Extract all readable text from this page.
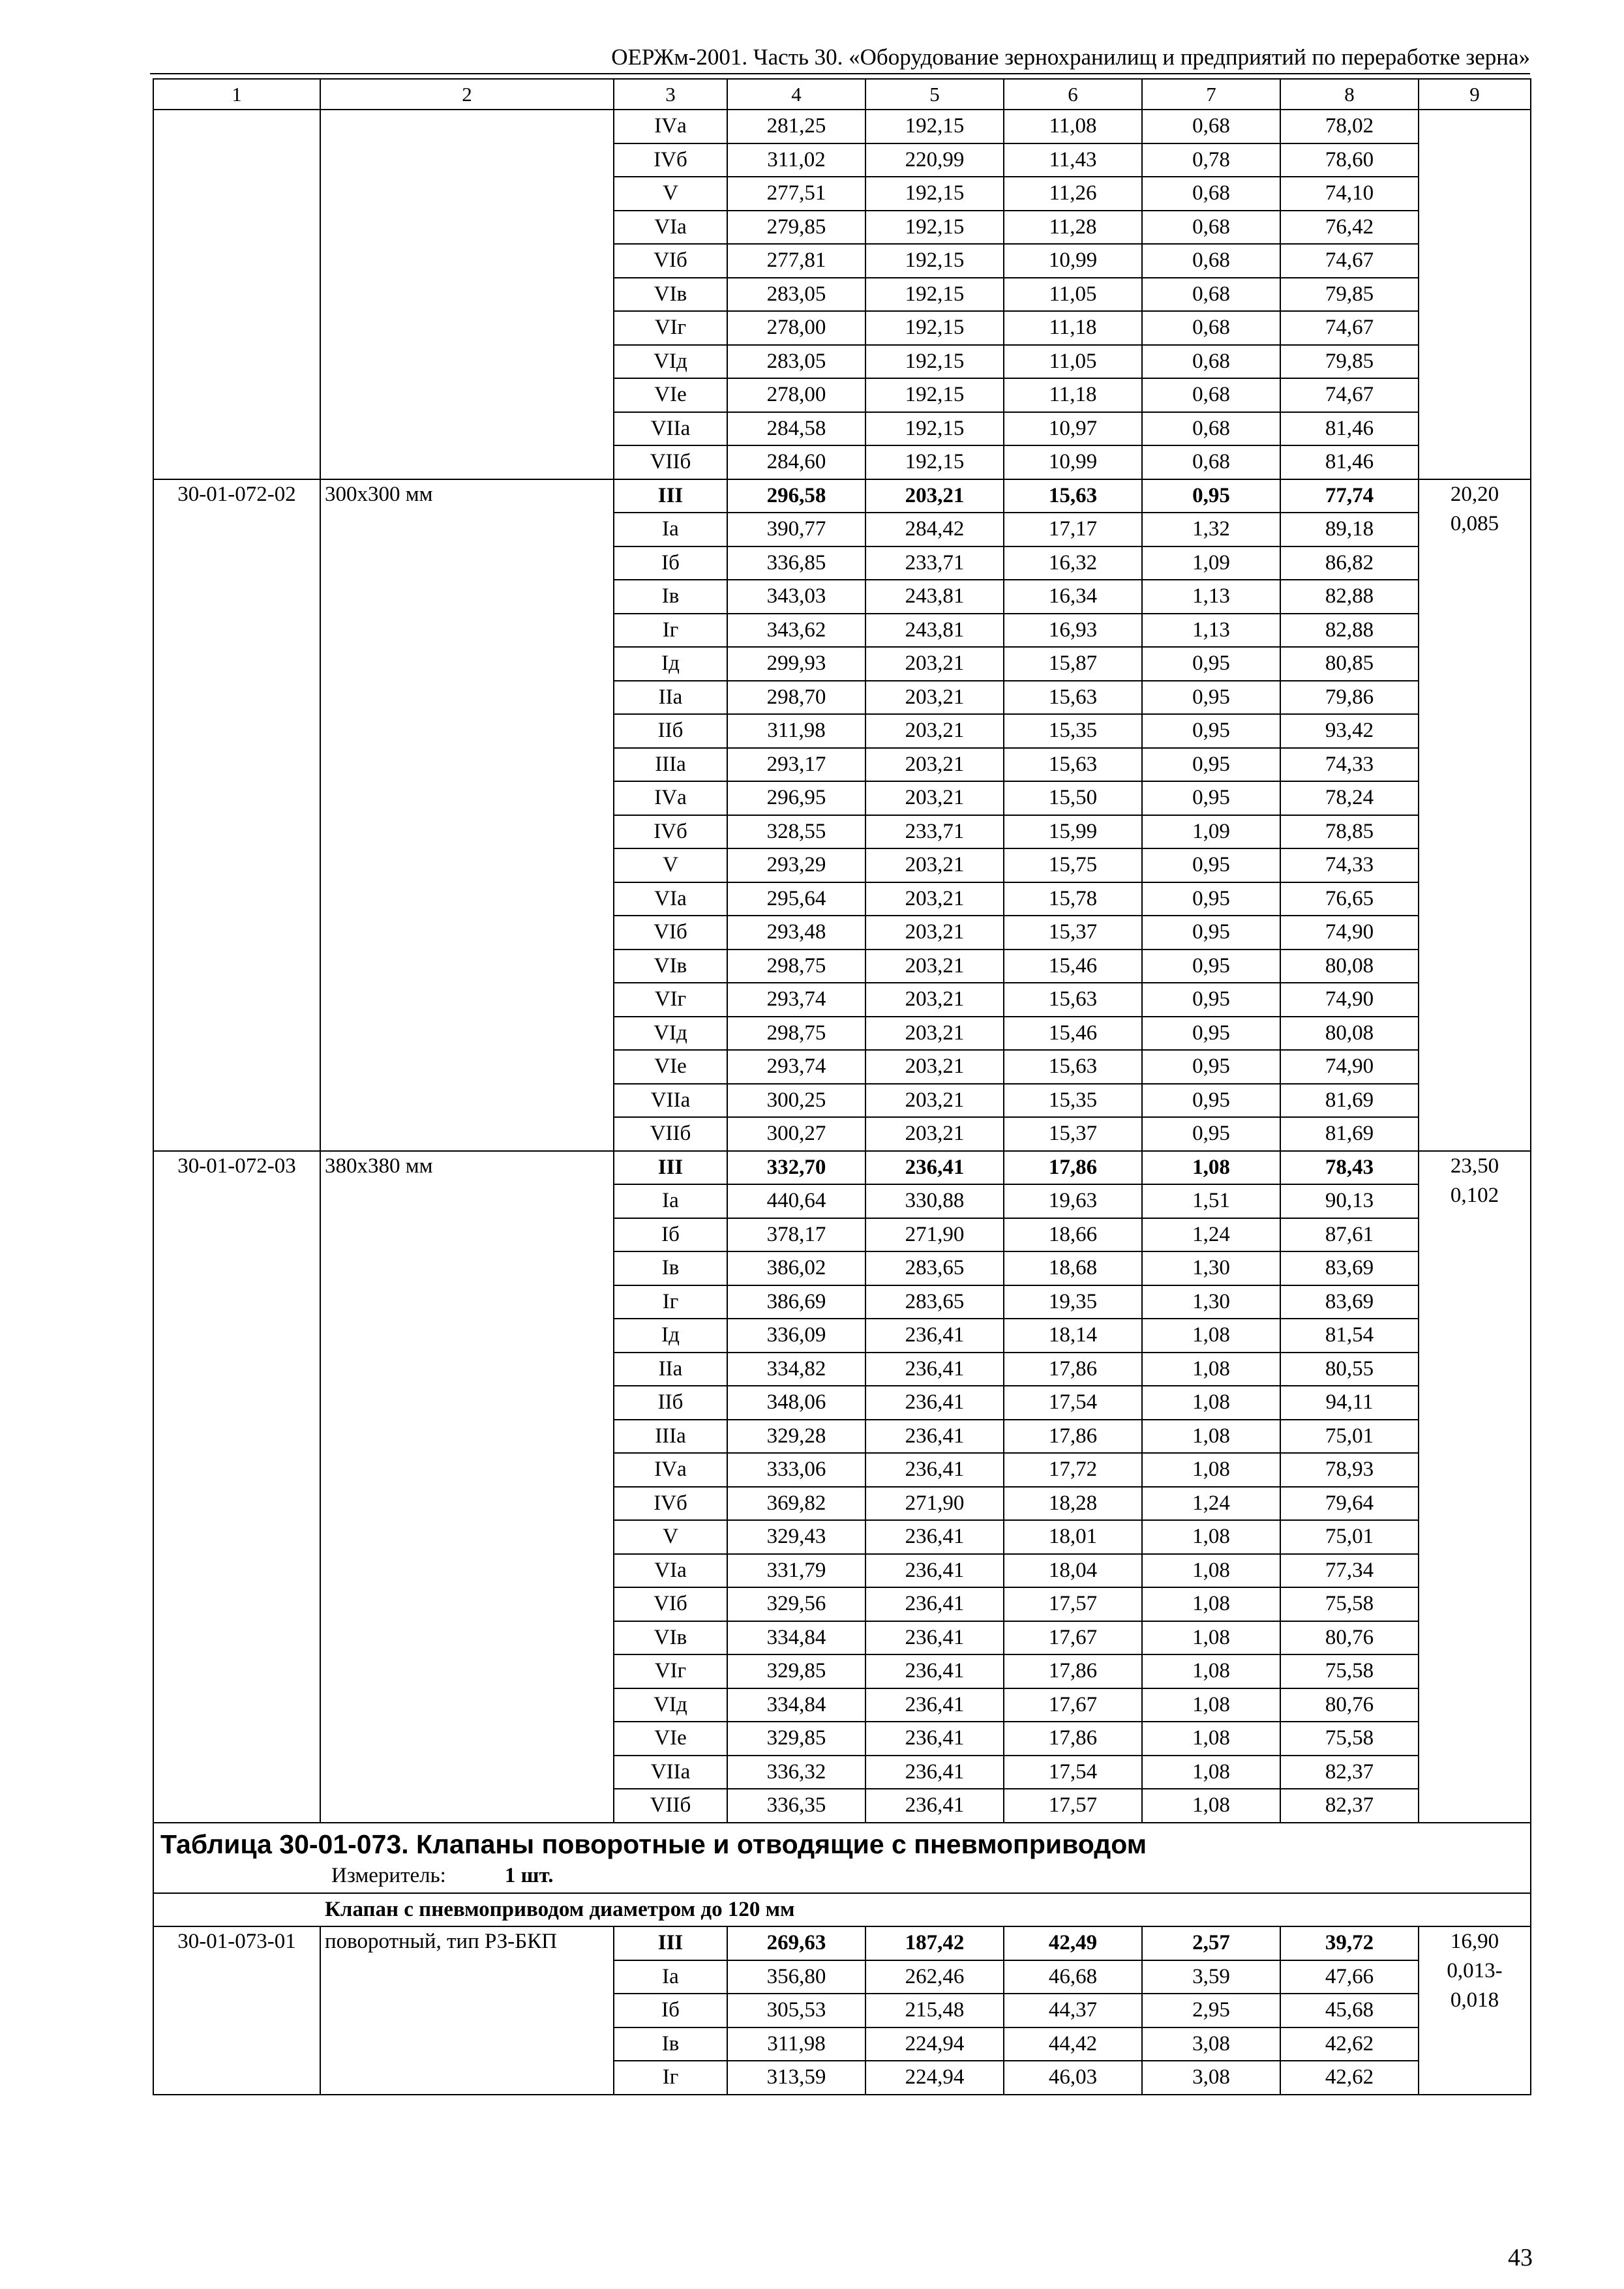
ОЕРЖм-2001. Часть 30. «Оборудование зернохранилищ и предприятий по переработке зерна»
1	2	3	4	5	6	7	8	9
		IVа	281,25	192,15	11,08	0,68	78,02	
		IVб	311,02	220,99	11,43	0,78	78,60	
		V	277,51	192,15	11,26	0,68	74,10	
		VIа	279,85	192,15	11,28	0,68	76,42	
		VIб	277,81	192,15	10,99	0,68	74,67	
		VIв	283,05	192,15	11,05	0,68	79,85	
		VIг	278,00	192,15	11,18	0,68	74,67	
		VIд	283,05	192,15	11,05	0,68	79,85	
		VIе	278,00	192,15	11,18	0,68	74,67	
		VIIа	284,58	192,15	10,97	0,68	81,46	
		VIIб	284,60	192,15	10,99	0,68	81,46	
30-01-072-02	300x300 мм	III	296,58	203,21	15,63	0,95	77,74	20,20
0,085

		Iа	390,77	284,42	17,17	1,32	89,18	
		Iб	336,85	233,71	16,32	1,09	86,82	
		Iв	343,03	243,81	16,34	1,13	82,88	
		Iг	343,62	243,81	16,93	1,13	82,88	
		Iд	299,93	203,21	15,87	0,95	80,85	
		IIа	298,70	203,21	15,63	0,95	79,86	
		IIб	311,98	203,21	15,35	0,95	93,42	
		IIIа	293,17	203,21	15,63	0,95	74,33	
		IVа	296,95	203,21	15,50	0,95	78,24	
		IVб	328,55	233,71	15,99	1,09	78,85	
		V	293,29	203,21	15,75	0,95	74,33	
		VIа	295,64	203,21	15,78	0,95	76,65	
		VIб	293,48	203,21	15,37	0,95	74,90	
		VIв	298,75	203,21	15,46	0,95	80,08	
		VIг	293,74	203,21	15,63	0,95	74,90	
		VIд	298,75	203,21	15,46	0,95	80,08	
		VIе	293,74	203,21	15,63	0,95	74,90	
		VIIа	300,25	203,21	15,35	0,95	81,69	
		VIIб	300,27	203,21	15,37	0,95	81,69	
30-01-072-03	380x380 мм	III	332,70	236,41	17,86	1,08	78,43	23,50
0,102

		Iа	440,64	330,88	19,63	1,51	90,13	
		Iб	378,17	271,90	18,66	1,24	87,61	
		Iв	386,02	283,65	18,68	1,30	83,69	
		Iг	386,69	283,65	19,35	1,30	83,69	
		Iд	336,09	236,41	18,14	1,08	81,54	
		IIа	334,82	236,41	17,86	1,08	80,55	
		IIб	348,06	236,41	17,54	1,08	94,11	
		IIIа	329,28	236,41	17,86	1,08	75,01	
		IVа	333,06	236,41	17,72	1,08	78,93	
		IVб	369,82	271,90	18,28	1,24	79,64	
		V	329,43	236,41	18,01	1,08	75,01	
		VIа	331,79	236,41	18,04	1,08	77,34	
		VIб	329,56	236,41	17,57	1,08	75,58	
		VIв	334,84	236,41	17,67	1,08	80,76	
		VIг	329,85	236,41	17,86	1,08	75,58	
		VIд	334,84	236,41	17,67	1,08	80,76	
		VIе	329,85	236,41	17,86	1,08	75,58	
		VIIа	336,32	236,41	17,54	1,08	82,37	
		VIIб	336,35	236,41	17,57	1,08	82,37	

Таблица 30-01-073. Клапаны поворотные и отводящие с пневмоприводом
Измеритель: 1 шт.								

Клапан с пневмоприводом диаметром до 120 мм								
30-01-073-01	поворотный, тип РЗ-БКП	III	269,63	187,42	42,49	2,57	39,72	16,90
0,013-
0,018

		Iа	356,80	262,46	46,68	3,59	47,66	
		Iб	305,53	215,48	44,37	2,95	45,68	
		Iв	311,98	224,94	44,42	3,08	42,62	
		Iг	313,59	224,94	46,03	3,08	42,62	
43
